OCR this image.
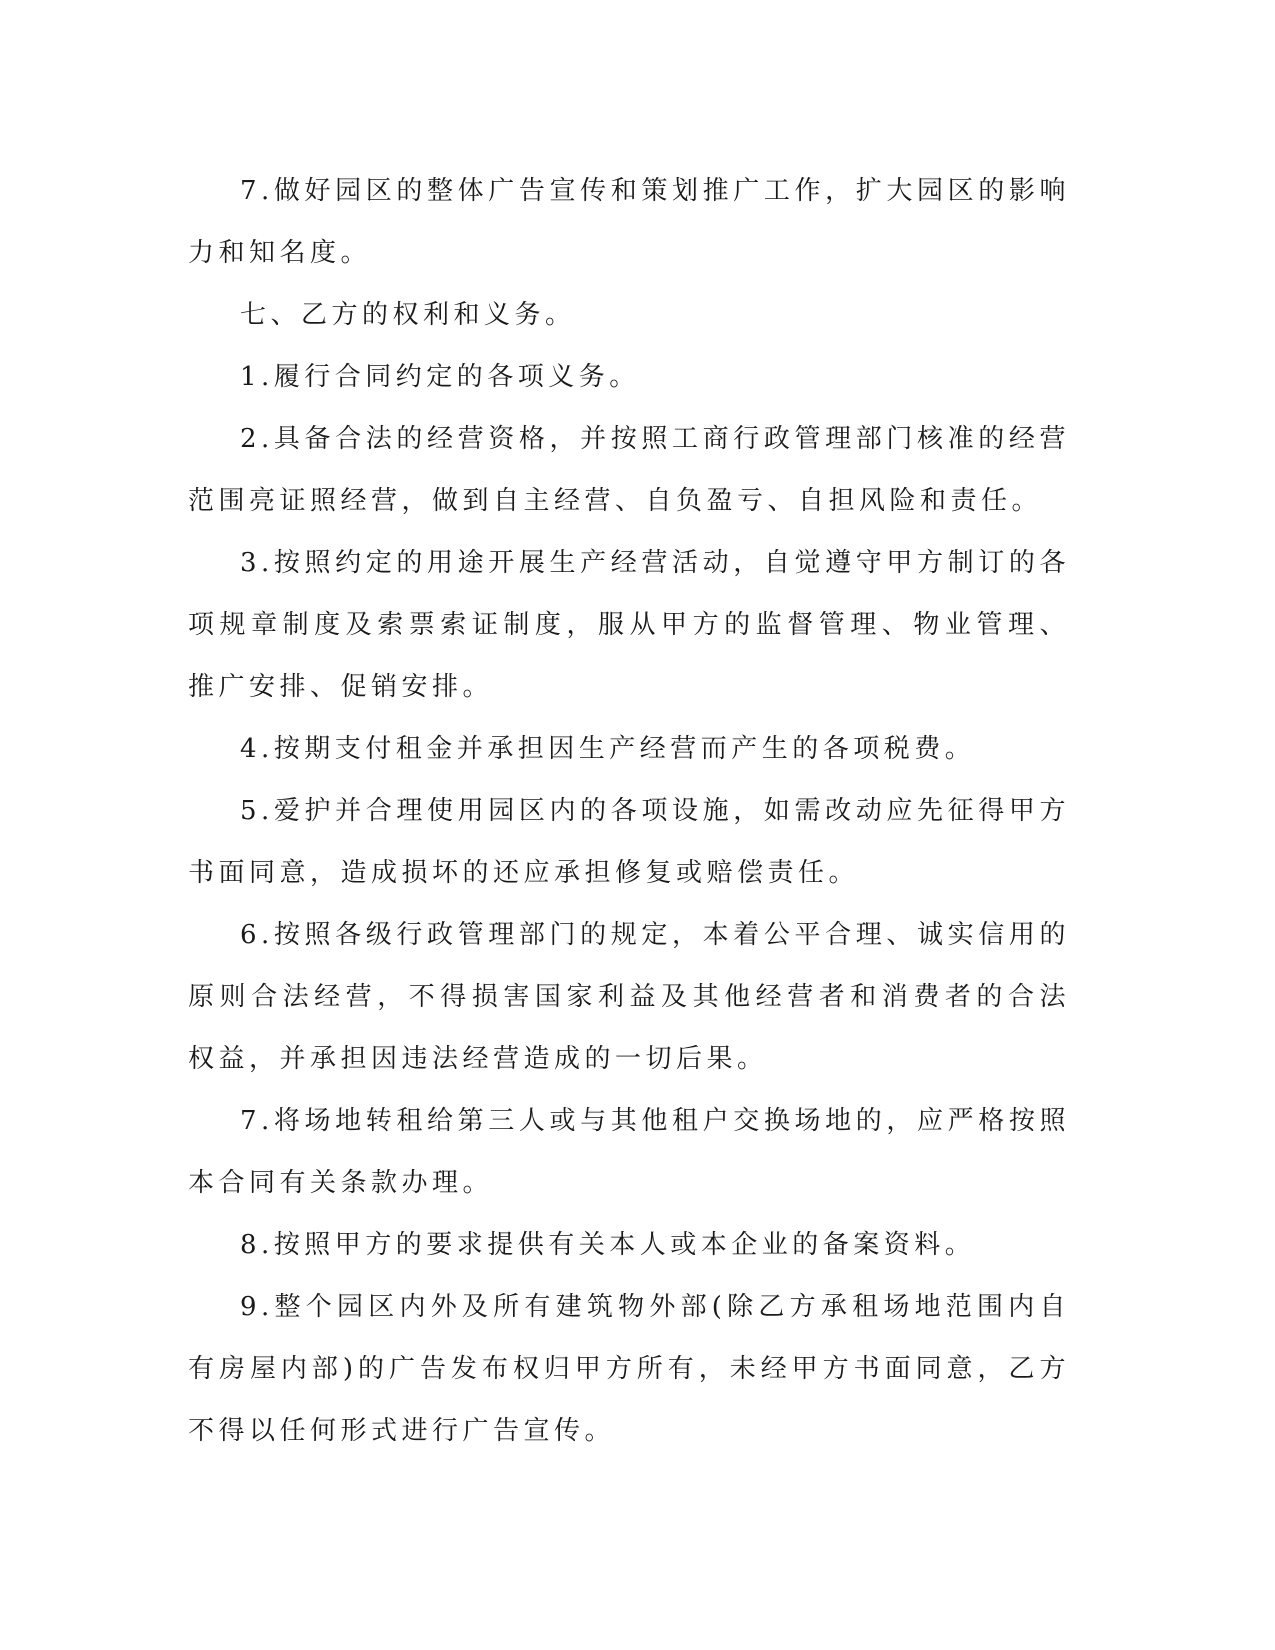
7.做好园区的整体广告宣传和策划推广工作，扩大园区的影响力和知名度。

七、乙方的权利和义务。

1.履行合同约定的各项义务。

2.具备合法的经营资格，并按照工商行政管理部门核准的经营范围亮证照经营，做到自主经营、自负盈亏、自担风险和责任。

3.按照约定的用途开展生产经营活动，自觉遵守甲方制订的各项规章制度及索票索证制度，服从甲方的监督管理、物业管理、推广安排、促销安排。

4.按期支付租金并承担因生产经营而产生的各项税费。

5.爱护并合理使用园区内的各项设施，如需改动应先征得甲方书面同意，造成损坏的还应承担修复或赔偿责任。

6.按照各级行政管理部门的规定，本着公平合理、诚实信用的原则合法经营，不得损害国家利益及其他经营者和消费者的合法权益，并承担因违法经营造成的一切后果。

7.将场地转租给第三人或与其他租户交换场地的，应严格按照本合同有关条款办理。

8.按照甲方的要求提供有关本人或本企业的备案资料。

9.整个园区内外及所有建筑物外部(除乙方承租场地范围内自有房屋内部)的广告发布权归甲方所有，未经甲方书面同意，乙方不得以任何形式进行广告宣传。
